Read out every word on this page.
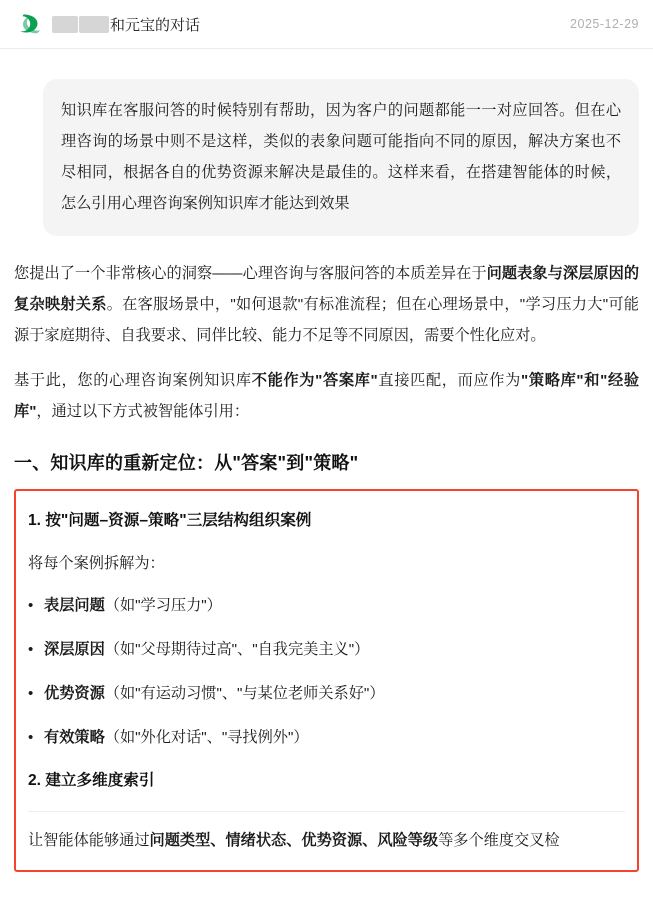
和元宝的对话	2025-12-29
知识库在客服问答的时候特别有帮助，因为客户的问题都能一一对应回答。但在心理咨询的场景中则不是这样，类似的表象问题可能指向不同的原因，解决方案也不尽相同，根据各自的优势资源来解决是最佳的。这样来看，在搭建智能体的时候，怎么引用心理咨询案例知识库才能达到效果

您提出了一个非常核心的洞察——心理咨询与客服问答的本质差异在于问题表象与深层原因的复杂映射关系。在客服场景中，"如何退款"有标准流程；但在心理场景中，"学习压力大"可能源于家庭期待、自我要求、同伴比较、能力不足等不同原因，需要个性化应对。

基于此，您的心理咨询案例知识库不能作为"答案库"直接匹配，而应作为"策略库"和"经验库"，通过以下方式被智能体引用：

一、知识库的重新定位：从"答案"到"策略"
1. 按"问题–资源–策略"三层结构组织案例

将每个案例拆解为：

• 表层问题（如"学习压力"）
• 深层原因（如"父母期待过高"、"自我完美主义"）
• 优势资源（如"有运动习惯"、"与某位老师关系好"）
• 有效策略（如"外化对话"、"寻找例外"）
2. 建立多维度索引

让智能体能够通过问题类型、情绪状态、优势资源、风险等级等多个维度交叉检
